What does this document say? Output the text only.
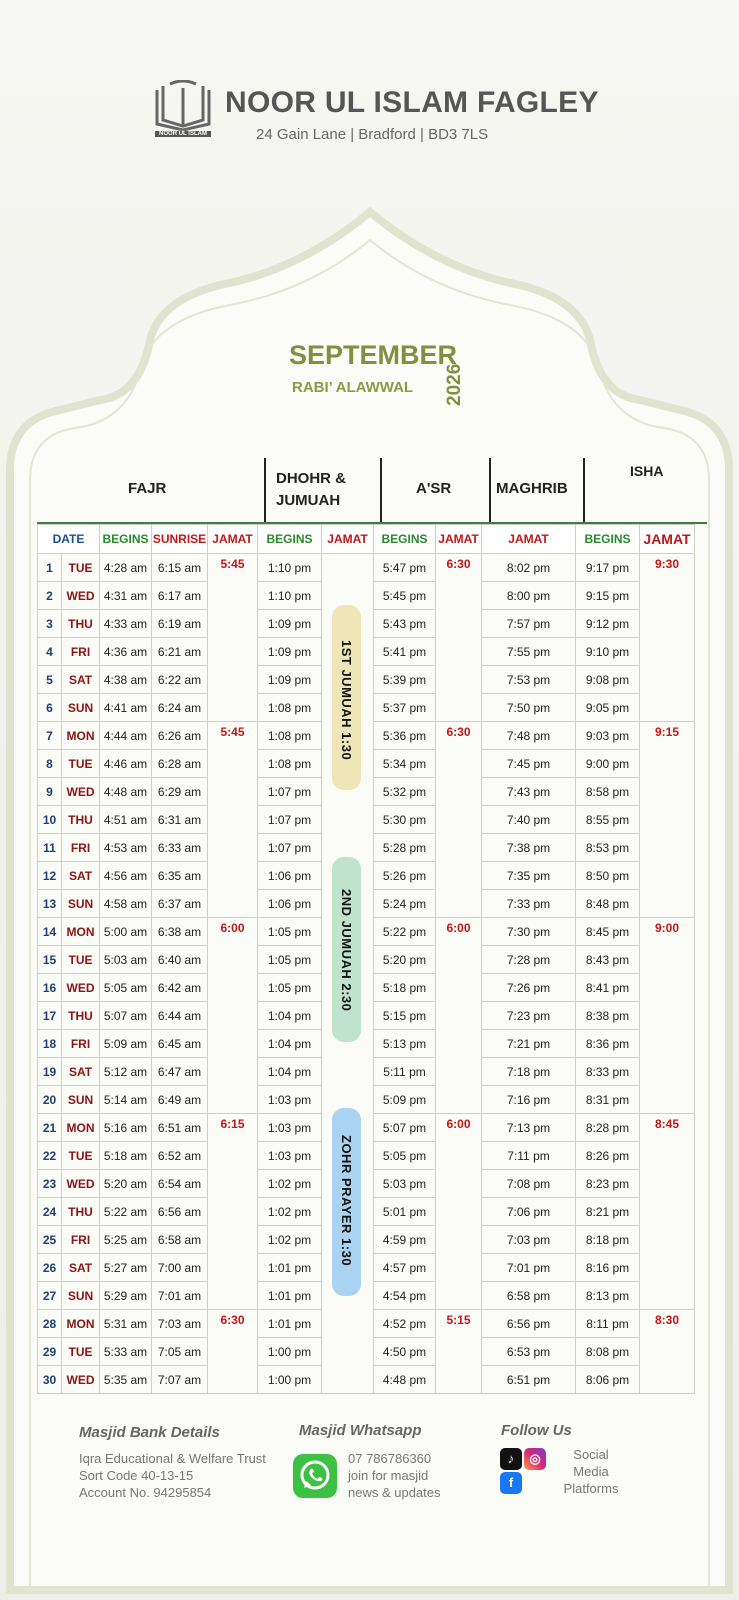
NOOR UL ISLAM
NOOR UL ISLAM FAGLEY
24 Gain Lane | Bradford | BD3 7LS
SEPTEMBER
RABI’ ALAWWAL 2026
FAJR
DHOHR &
JUMUAH
A'SR	MAGHRIB
ISHA
DATE		BEGINS	SUNRISE	JAMAT	BEGINS	JAMAT	BEGINS	JAMAT	JAMAT	BEGINS	JAMAT
1	TUE	4:28 am	6:15 am	5:45	1:10 pm		5:47 pm	6:30	8:02 pm	9:17 pm	9:30
2	WED	4:31 am	6:17 am		1:10 pm		5:45 pm		8:00 pm	9:15 pm	
3	THU	4:33 am	6:19 am		1:09 pm		5:43 pm		7:57 pm	9:12 pm	
4	FRI	4:36 am	6:21 am		1:09 pm		5:41 pm		7:55 pm	9:10 pm	
5	SAT	4:38 am	6:22 am		1:09 pm		5:39 pm		7:53 pm	9:08 pm	
6	SUN	4:41 am	6:24 am		1:08 pm		5:37 pm		7:50 pm	9:05 pm	
7	MON	4:44 am	6:26 am	5:45	1:08 pm		5:36 pm	6:30	7:48 pm	9:03 pm	9:15
8	TUE	4:46 am	6:28 am		1:08 pm		5:34 pm		7:45 pm	9:00 pm	
9	WED	4:48 am	6:29 am		1:07 pm		5:32 pm		7:43 pm	8:58 pm	
10	THU	4:51 am	6:31 am		1:07 pm		5:30 pm		7:40 pm	8:55 pm	
11	FRI	4:53 am	6:33 am		1:07 pm		5:28 pm		7:38 pm	8:53 pm	
12	SAT	4:56 am	6:35 am		1:06 pm		5:26 pm		7:35 pm	8:50 pm	
13	SUN	4:58 am	6:37 am		1:06 pm		5:24 pm		7:33 pm	8:48 pm	
14	MON	5:00 am	6:38 am	6:00	1:05 pm		5:22 pm	6:00	7:30 pm	8:45 pm	9:00
15	TUE	5:03 am	6:40 am		1:05 pm		5:20 pm		7:28 pm	8:43 pm	
16	WED	5:05 am	6:42 am		1:05 pm		5:18 pm		7:26 pm	8:41 pm	
17	THU	5:07 am	6:44 am		1:04 pm		5:15 pm		7:23 pm	8:38 pm	
18	FRI	5:09 am	6:45 am		1:04 pm		5:13 pm		7:21 pm	8:36 pm	
19	SAT	5:12 am	6:47 am		1:04 pm		5:11 pm		7:18 pm	8:33 pm	
20	SUN	5:14 am	6:49 am		1:03 pm		5:09 pm		7:16 pm	8:31 pm	
21	MON	5:16 am	6:51 am	6:15	1:03 pm		5:07 pm	6:00	7:13 pm	8:28 pm	8:45
22	TUE	5:18 am	6:52 am		1:03 pm		5:05 pm		7:11 pm	8:26 pm	
23	WED	5:20 am	6:54 am		1:02 pm		5:03 pm		7:08 pm	8:23 pm	
24	THU	5:22 am	6:56 am		1:02 pm		5:01 pm		7:06 pm	8:21 pm	
25	FRI	5:25 am	6:58 am		1:02 pm		4:59 pm		7:03 pm	8:18 pm	
26	SAT	5:27 am	7:00 am		1:01 pm		4:57 pm		7:01 pm	8:16 pm	
27	SUN	5:29 am	7:01 am		1:01 pm		4:54 pm		6:58 pm	8:13 pm	
28	MON	5:31 am	7:03 am	6:30	1:01 pm		4:52 pm	5:15	6:56 pm	8:11 pm	8:30
29	TUE	5:33 am	7:05 am		1:00 pm		4:50 pm		6:53 pm	8:08 pm	
30	WED	5:35 am	7:07 am		1:00 pm		4:48 pm		6:51 pm	8:06 pm	
1ST JUMUAH 1:30
2ND JUMUAH 2:30
ZOHR PRAYER 1:30
Masjid Bank Details
Iqra Educational & Welfare Trust
Sort Code 40-13-15
Account No. 94295854
Masjid Whatsapp
07 786786360
join for masjid
news & updates
Follow Us
♪	◎
f
Social
Media
Platforms
